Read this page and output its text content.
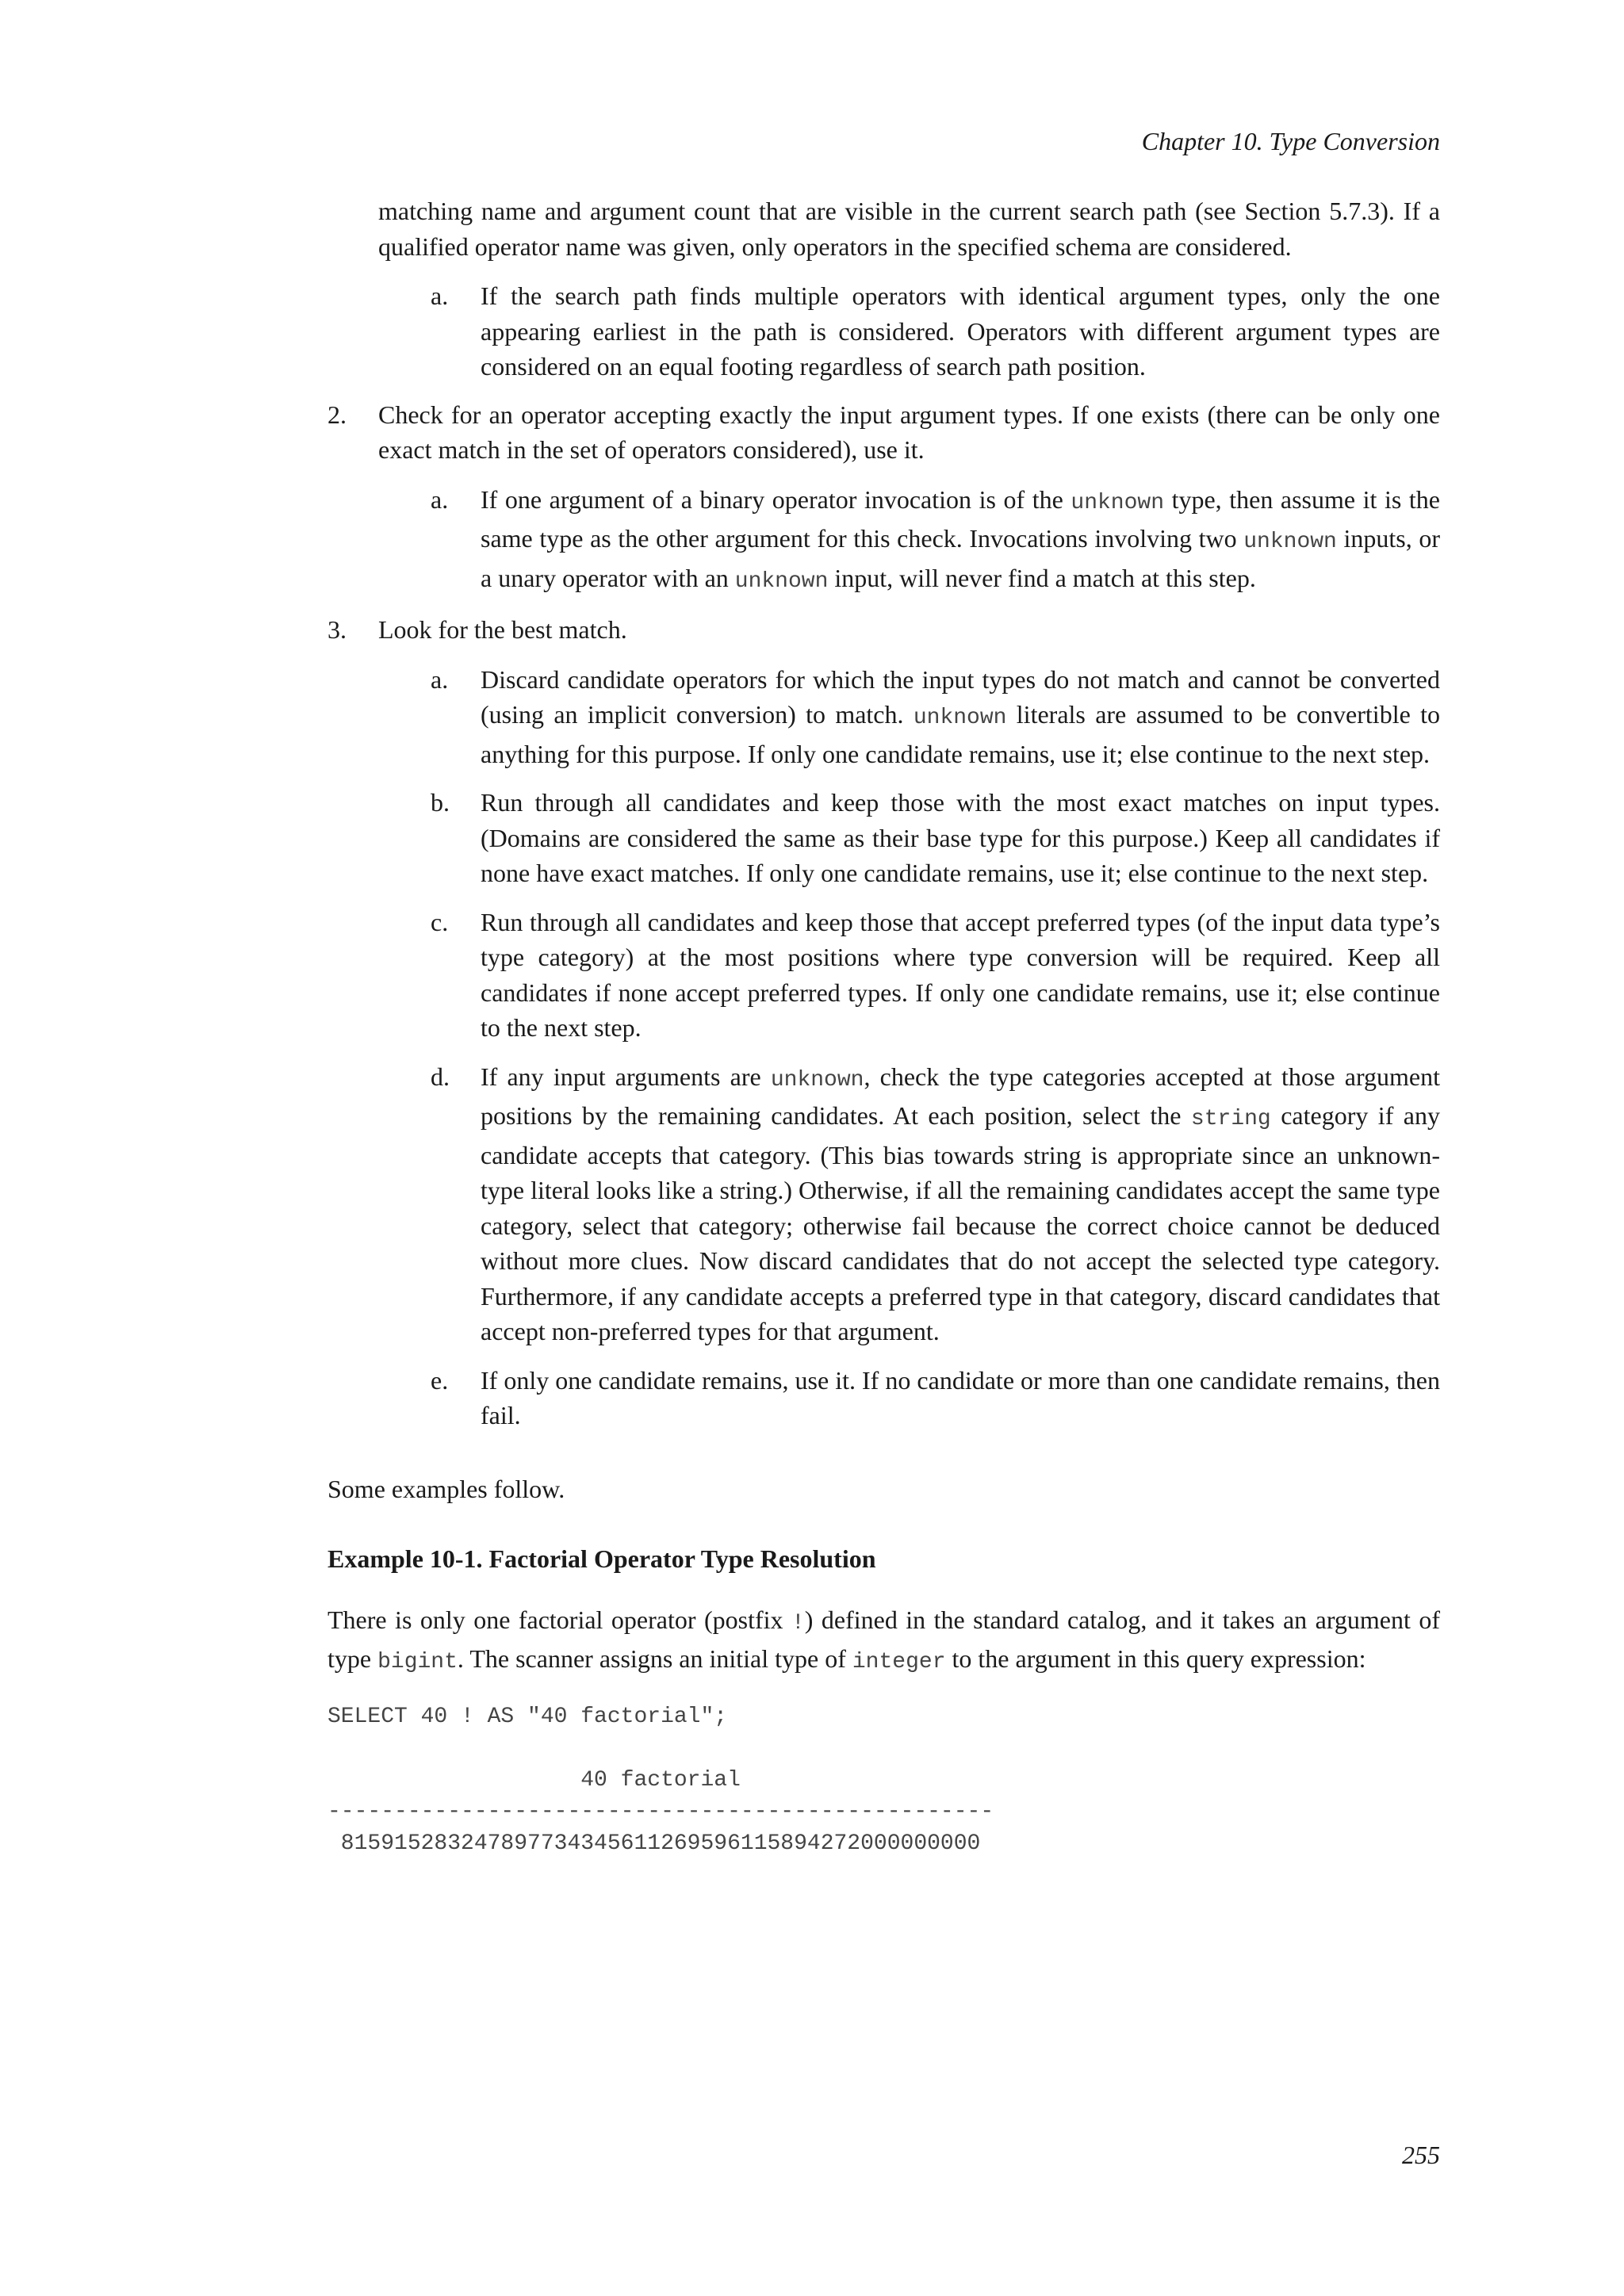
Chapter 10. Type Conversion

matching name and argument count that are visible in the current search path (see Section 5.7.3). If a qualified operator name was given, only operators in the specified schema are considered.

a. If the search path finds multiple operators with identical argument types, only the one appearing earliest in the path is considered. Operators with different argument types are considered on an equal footing regardless of search path position.

2. Check for an operator accepting exactly the input argument types. If one exists (there can be only one exact match in the set of operators considered), use it.

a. If one argument of a binary operator invocation is of the unknown type, then assume it is the same type as the other argument for this check. Invocations involving two unknown inputs, or a unary operator with an unknown input, will never find a match at this step.

3. Look for the best match.

a. Discard candidate operators for which the input types do not match and cannot be converted (using an implicit conversion) to match. unknown literals are assumed to be convertible to anything for this purpose. If only one candidate remains, use it; else continue to the next step.

b. Run through all candidates and keep those with the most exact matches on input types. (Domains are considered the same as their base type for this purpose.) Keep all candidates if none have exact matches. If only one candidate remains, use it; else continue to the next step.

c. Run through all candidates and keep those that accept preferred types (of the input data type’s type category) at the most positions where type conversion will be required. Keep all candidates if none accept preferred types. If only one candidate remains, use it; else continue to the next step.

d. If any input arguments are unknown, check the type categories accepted at those argument positions by the remaining candidates. At each position, select the string category if any candidate accepts that category. (This bias towards string is appropriate since an unknown-type literal looks like a string.) Otherwise, if all the remaining candidates accept the same type category, select that category; otherwise fail because the correct choice cannot be deduced without more clues. Now discard candidates that do not accept the selected type category. Furthermore, if any candidate accepts a preferred type in that category, discard candidates that accept non-preferred types for that argument.

e. If only one candidate remains, use it. If no candidate or more than one candidate remains, then fail.

Some examples follow.

Example 10-1. Factorial Operator Type Resolution

There is only one factorial operator (postfix !) defined in the standard catalog, and it takes an argument of type bigint. The scanner assigns an initial type of integer to the argument in this query expression:

SELECT 40 ! AS "40 factorial";
40 factorial
--------------------------------------------------
815915283247897734345611269596115894272000000000
255
